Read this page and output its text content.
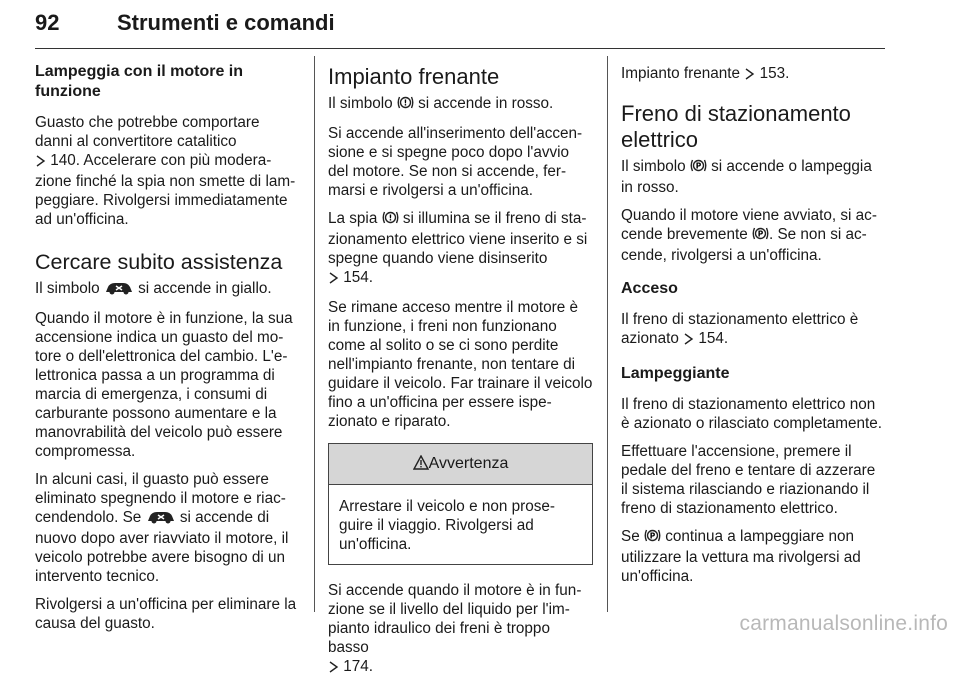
92	Strumenti e comandi
Lampeggia con il motore in funzione

Guasto che potrebbe comportare danni al convertitore catalitico
140. Accelerare con più moderazione finché la spia non smette di lampeggiare. Rivolgersi immediatamente ad un'officina.

Cercare subito assistenza

Il simbolo	si accende in giallo.

Quando il motore è in funzione, la sua accensione indica un guasto del motore o dell'elettronica del cambio. L'elettronica passa a un programma di marcia di emergenza, i consumi di carburante possono aumentare e la manovrabilità del veicolo può essere compromessa.

In alcuni casi, il guasto può essere eliminato spegnendo il motore e riaccendendolo. Se	si accende di nuovo dopo aver riavviato il motore, il veicolo potrebbe avere bisogno di un intervento tecnico.

Rivolgersi a un'officina per eliminare la causa del guasto.

Impianto frenante

Il simbolo ! si accende in rosso.

Si accende all'inserimento dell'accensione e si spegne poco dopo l'avvio del motore. Se non si accende, fermarsi e rivolgersi a un'officina.

La spia ! si illumina se il freno di stazionamento elettrico viene inserito e si spegne quando viene disinserito
154.

Se rimane acceso mentre il motore è in funzione, i freni non funzionano come al solito o se ci sono perdite nell'impianto frenante, non tentare di guidare il veicolo. Far trainare il veicolo fino a un'officina per essere ispezionato e riparato.

Avvertenza
Arrestare il veicolo e non proseguire il viaggio. Rivolgersi ad un'officina.

Si accende quando il motore è in funzione se il livello del liquido per l'impianto idraulico dei freni è troppo basso
174.

Impianto frenante 153.

Freno di stazionamento elettrico

Il simbolo P si accende o lampeggia in rosso.

Quando il motore viene avviato, si accende brevemente P . Se non si accende, rivolgersi a un'officina.

Acceso

Il freno di stazionamento elettrico è azionato 154.

Lampeggiante

Il freno di stazionamento elettrico non è azionato o rilasciato completamente.

Effettuare l'accensione, premere il pedale del freno e tentare di azzerare il sistema rilasciando e riazionando il freno di stazionamento elettrico.

Se P continua a lampeggiare non utilizzare la vettura ma rivolgersi ad un'officina.

carmanualsonline.info
